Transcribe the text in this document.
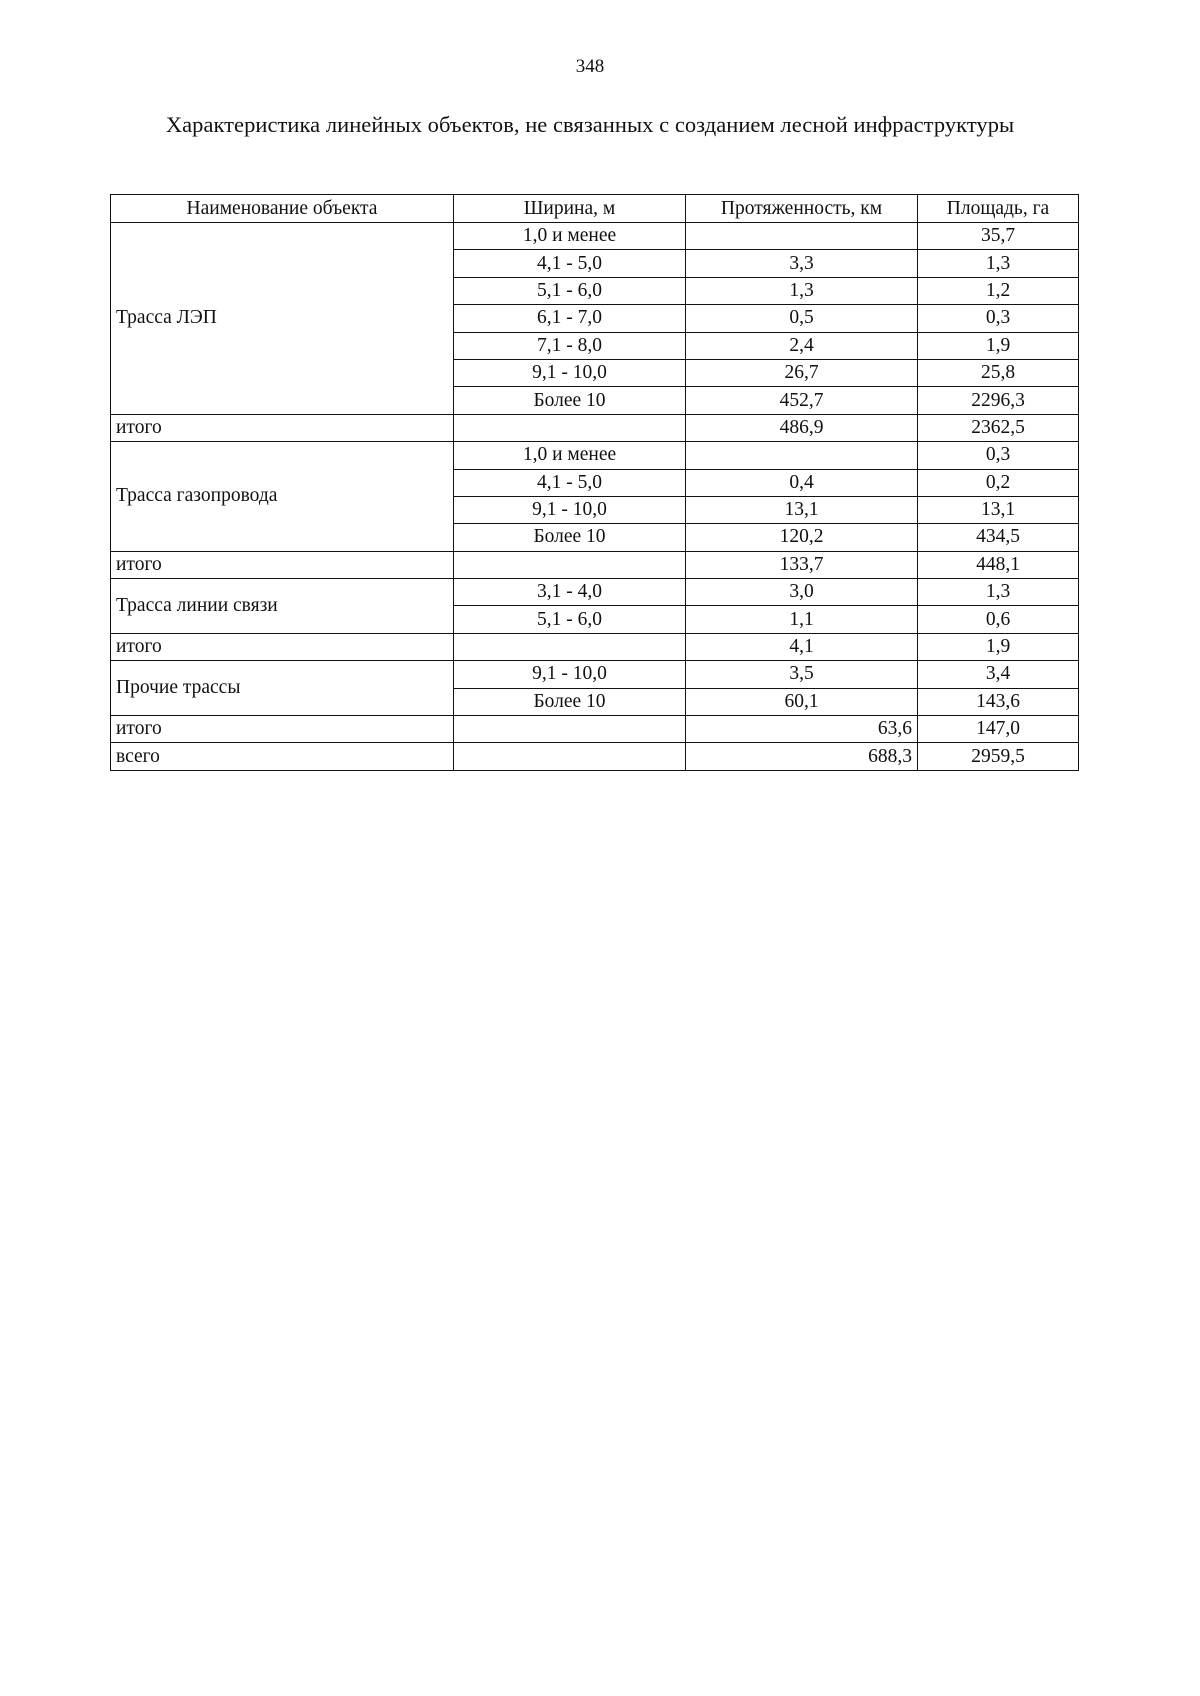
348
Характеристика линейных объектов, не связанных с созданием лесной инфраструктуры
Наименование объекта	Ширина, м	Протяженность, км	Площадь, га
Трасса ЛЭП	1,0 и менее		35,7
	4,1 - 5,0	3,3	1,3
	5,1 - 6,0	1,3	1,2
	6,1 - 7,0	0,5	0,3
	7,1 - 8,0	2,4	1,9
	9,1 - 10,0	26,7	25,8
	Более 10	452,7	2296,3
итого		486,9	2362,5
Трасса газопровода	1,0 и менее		0,3
	4,1 - 5,0	0,4	0,2
	9,1 - 10,0	13,1	13,1
	Более 10	120,2	434,5
итого		133,7	448,1
Трасса линии связи	3,1 - 4,0	3,0	1,3
	5,1 - 6,0	1,1	0,6
итого		4,1	1,9
Прочие трассы	9,1 - 10,0	3,5	3,4
	Более 10	60,1	143,6
итого		63,6	147,0
всего		688,3	2959,5
